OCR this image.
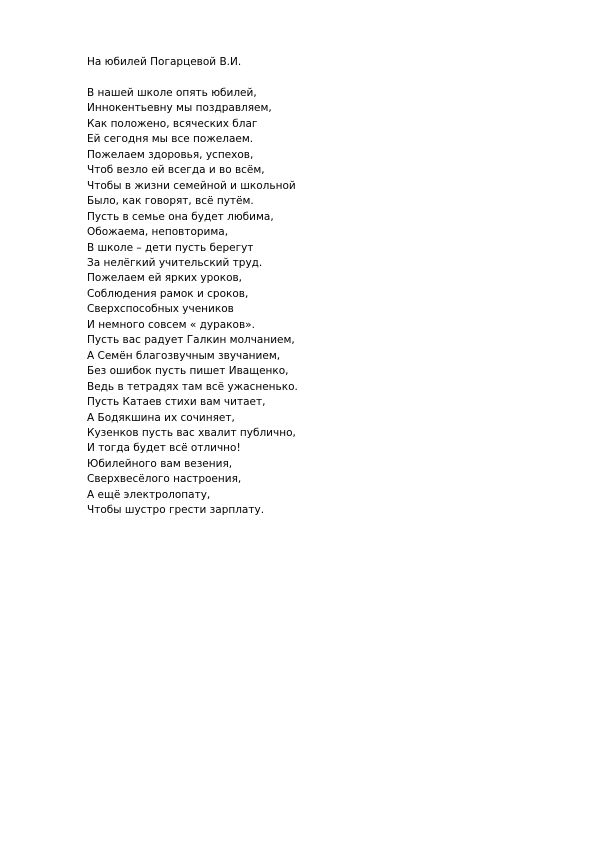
На юбилей Погарцевой В.И.
В нашей школе опять юбилей,
Иннокентьевну мы поздравляем,
Как положено, всяческих благ
Ей сегодня мы все пожелаем.
Пожелаем здоровья, успехов,
Чтоб везло ей всегда и во всём,
Чтобы в жизни семейной и школьной
Было, как говорят, всё путём.
Пусть в семье она будет любима,
Обожаема, неповторима,
В школе – дети пусть берегут
За нелёгкий учительский труд.
Пожелаем ей ярких уроков,
Соблюдения рамок и сроков,
Сверхспособных учеников
И немного совсем « дураков».
Пусть вас радует Галкин молчанием,
А Семён благозвучным звучанием,
Без ошибок пусть пишет Иващенко,
Ведь в тетрадях там всё ужасненько.
Пусть Катаев стихи вам читает,
А Бодякшина их сочиняет,
Кузенков пусть вас хвалит публично,
И тогда будет всё отлично!
Юбилейного вам везения,
Сверхвесёлого настроения,
А ещё электролопату,
Чтобы шустро грести зарплату.
